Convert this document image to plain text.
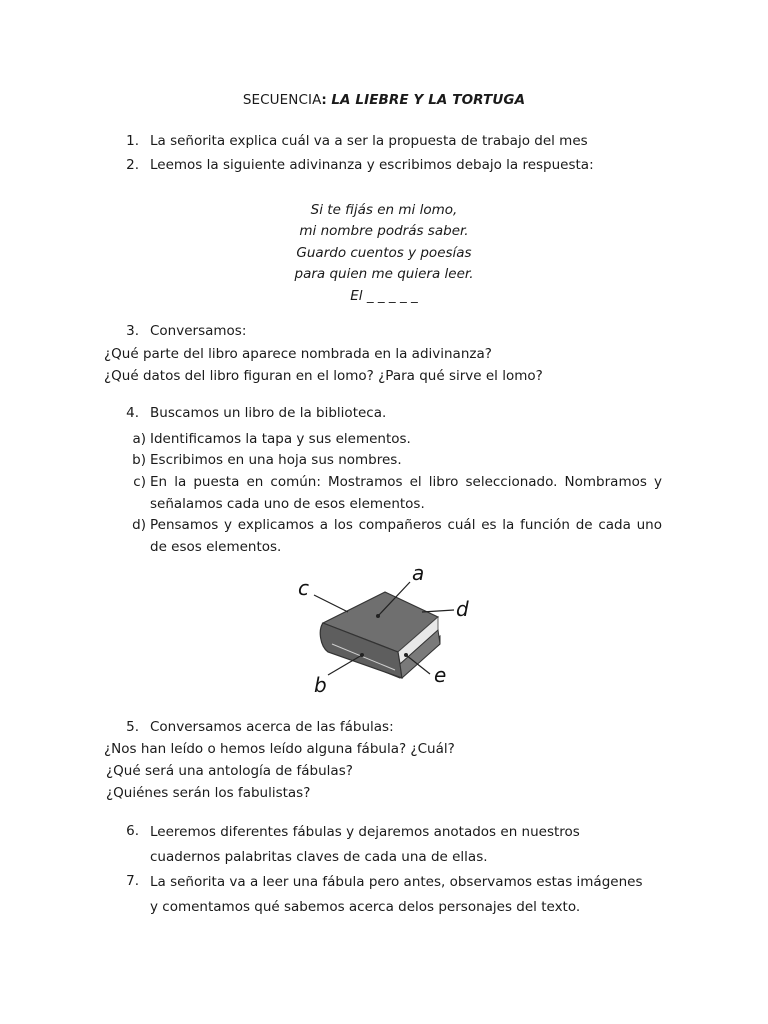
SECUENCIA: LA LIEBRE Y LA TORTUGA
1. La señorita explica cuál va a ser la propuesta de trabajo del mes
2. Leemos la siguiente adivinanza y escribimos debajo la respuesta:
Si te fijás en mi lomo,
mi nombre podrás saber.
Guardo cuentos y poesías
para quien me quiera leer.
El _ _ _ _ _
3. Conversamos:
¿Qué parte del libro aparece nombrada en la adivinanza?
¿Qué datos del libro figuran en el lomo? ¿Para qué sirve el lomo?
4. Buscamos un libro de la biblioteca.
a) Identificamos la tapa y sus elementos.
b) Escribimos en una hoja sus nombres.
c) En la puesta en común: Mostramos el libro seleccionado. Nombramos y señalamos cada uno de esos elementos.
d) Pensamos y explicamos a los compañeros cuál es la función de cada uno de esos elementos.
a
c
d
b	e
5. Conversamos acerca de las fábulas:
¿Nos han leído o hemos leído alguna fábula? ¿Cuál?
¿Qué será una antología de fábulas?
¿Quiénes serán los fabulistas?
6. Leeremos diferentes fábulas y dejaremos anotados en nuestros cuadernos palabritas claves de cada una de ellas.
7. La señorita va a leer una fábula pero antes, observamos estas imágenes y comentamos qué sabemos acerca delos personajes del texto.
